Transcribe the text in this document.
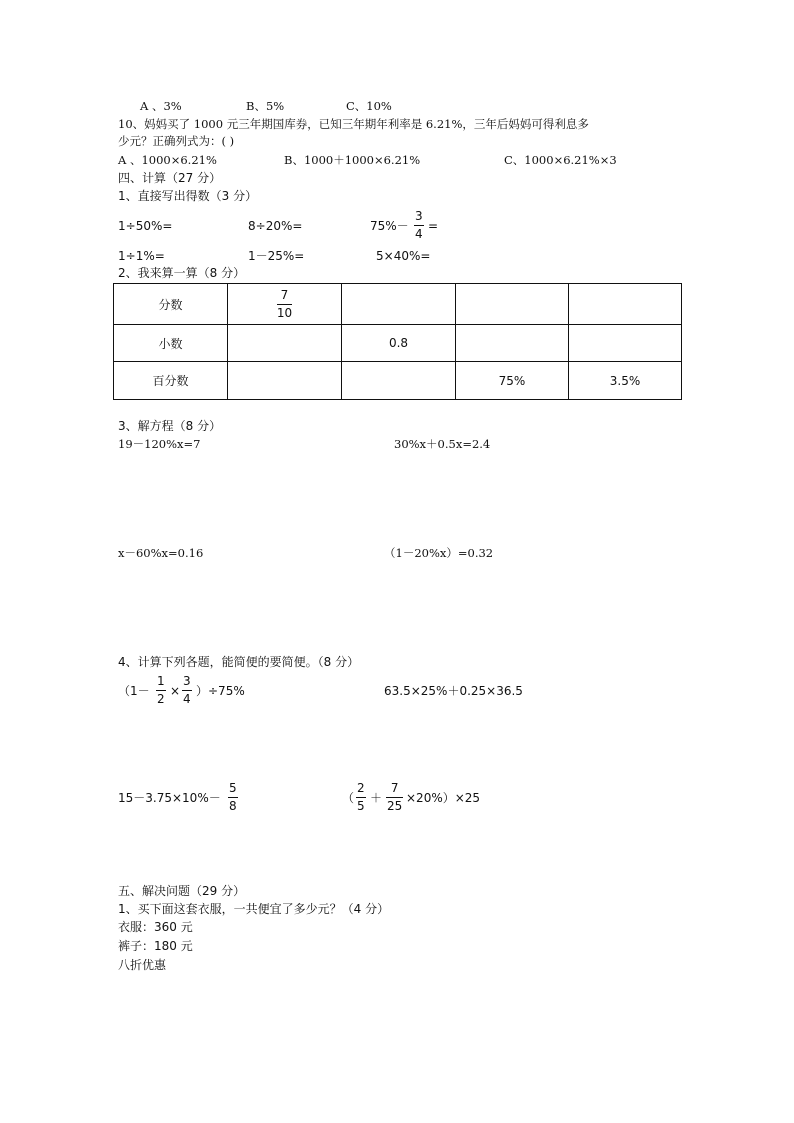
A 、3%	B、5%	C、10%
10、妈妈买了 1000 元三年期国库券，已知三年期年利率是 6.21%，三年后妈妈可得利息多
少元？正确列式为：( )
A 、1000×6.21%	B、1000＋1000×6.21%	C、1000×6.21%×3
四、计算（27 分）
1、直接写出得数（3 分）
1÷50%=	8÷20%=	75%－
3
4
=
1÷1%=	1－25%=	5×40%=
2、我来算一算（8 分）
分数	$\frac{7}{10}$

小数		0.8		
百分数			75%	3.5%
3、解方程（8 分）
19－120%x=7	30%x＋0.5x=2.4
x－60%x=0.16	（1－20%x）=0.32
4、计算下列各题，能简便的要简便。（8 分）
（1－
1
2
×
3
4
）÷75%	63.5×25%＋0.25×36.5
15－3.75×10%－
5
8
（
2
5
＋
7
25
×20%）×25
五、解决问题（29 分）
1、买下面这套衣服，一共便宜了多少元？（4 分）
衣服：360 元
裤子：180 元
八折优惠
